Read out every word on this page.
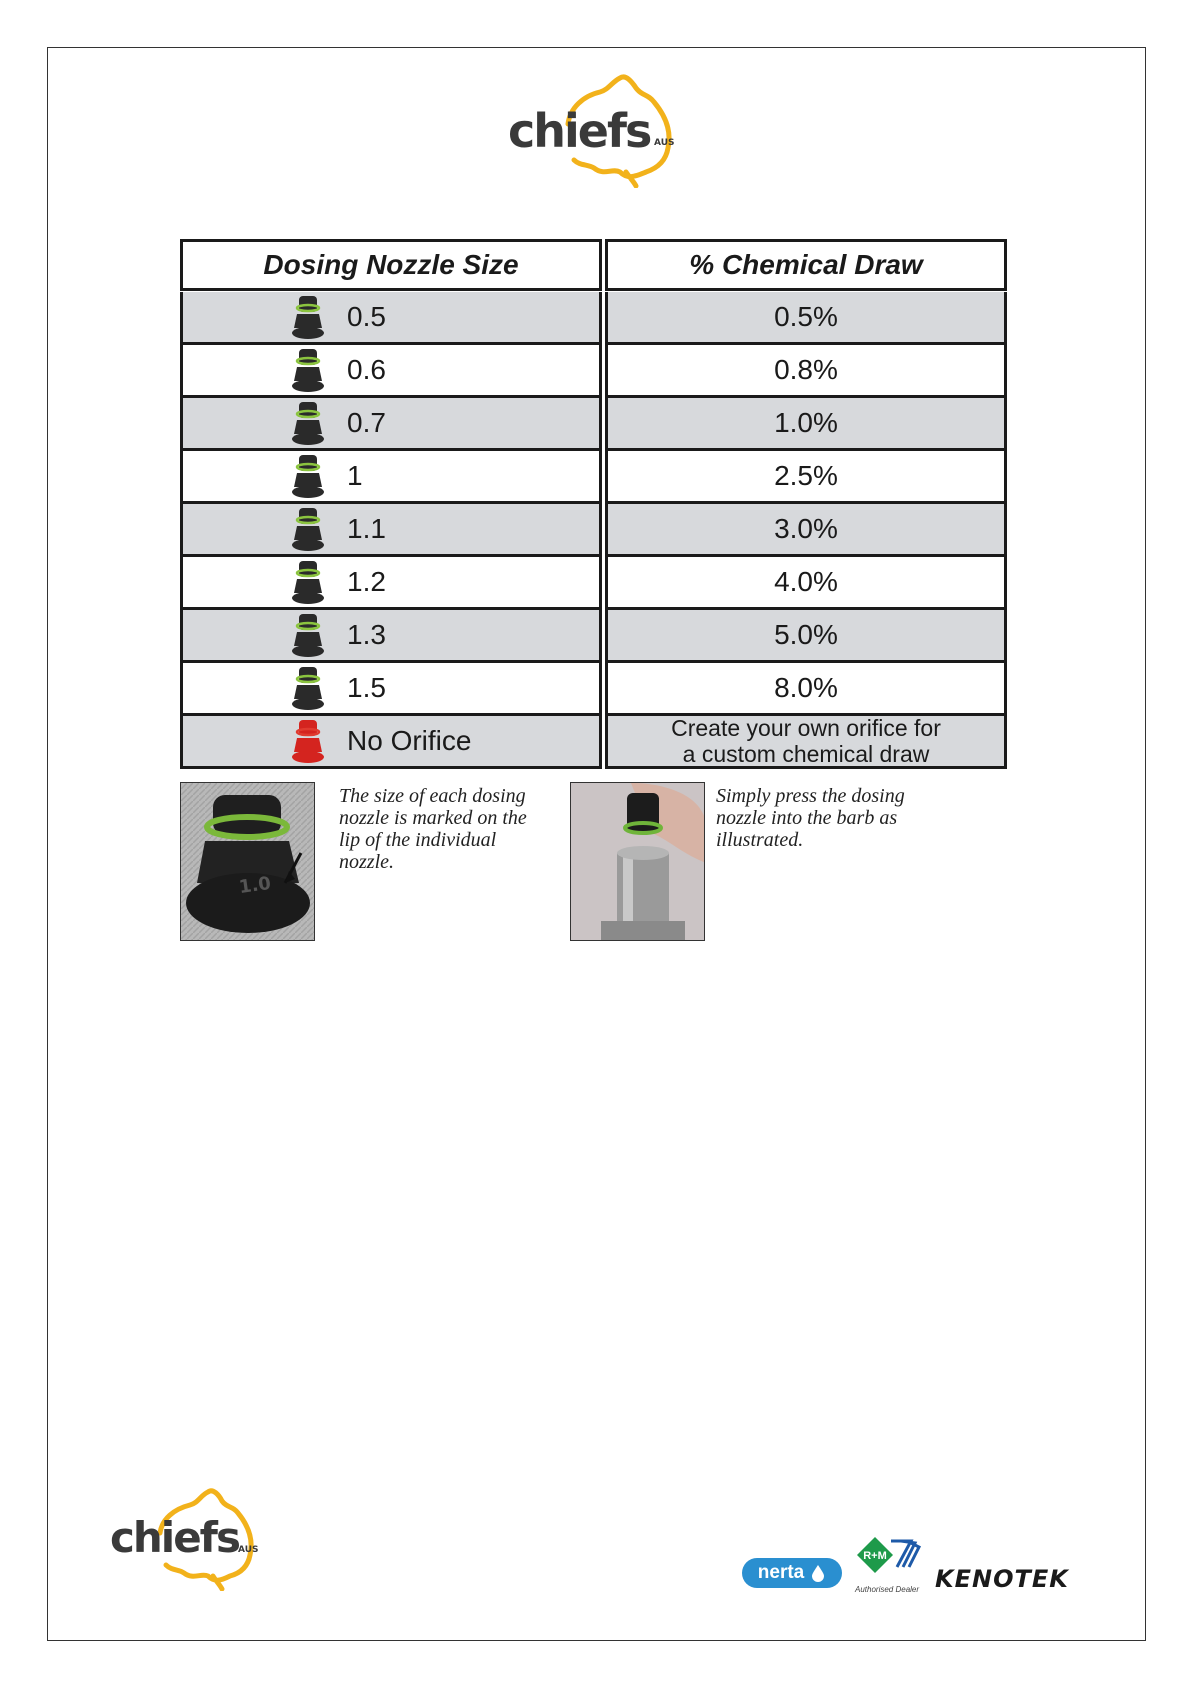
chiefs AUS
Dosing Nozzle Size	% Chemical Draw
0.5	0.5%
0.6	0.8%
0.7	1.0%
1	2.5%
1.1	3.0%
1.2	4.0%
1.3	5.0%
1.5	8.0%
No Orifice	Create your own orifice for
a custom chemical draw
1.0
The size of each dosing
nozzle is marked on the
lip of the individual
nozzle.
Simply press the dosing
nozzle into the barb as
illustrated.
chiefs AUS
nerta
R+M
Authorised Dealer KENOTEK
